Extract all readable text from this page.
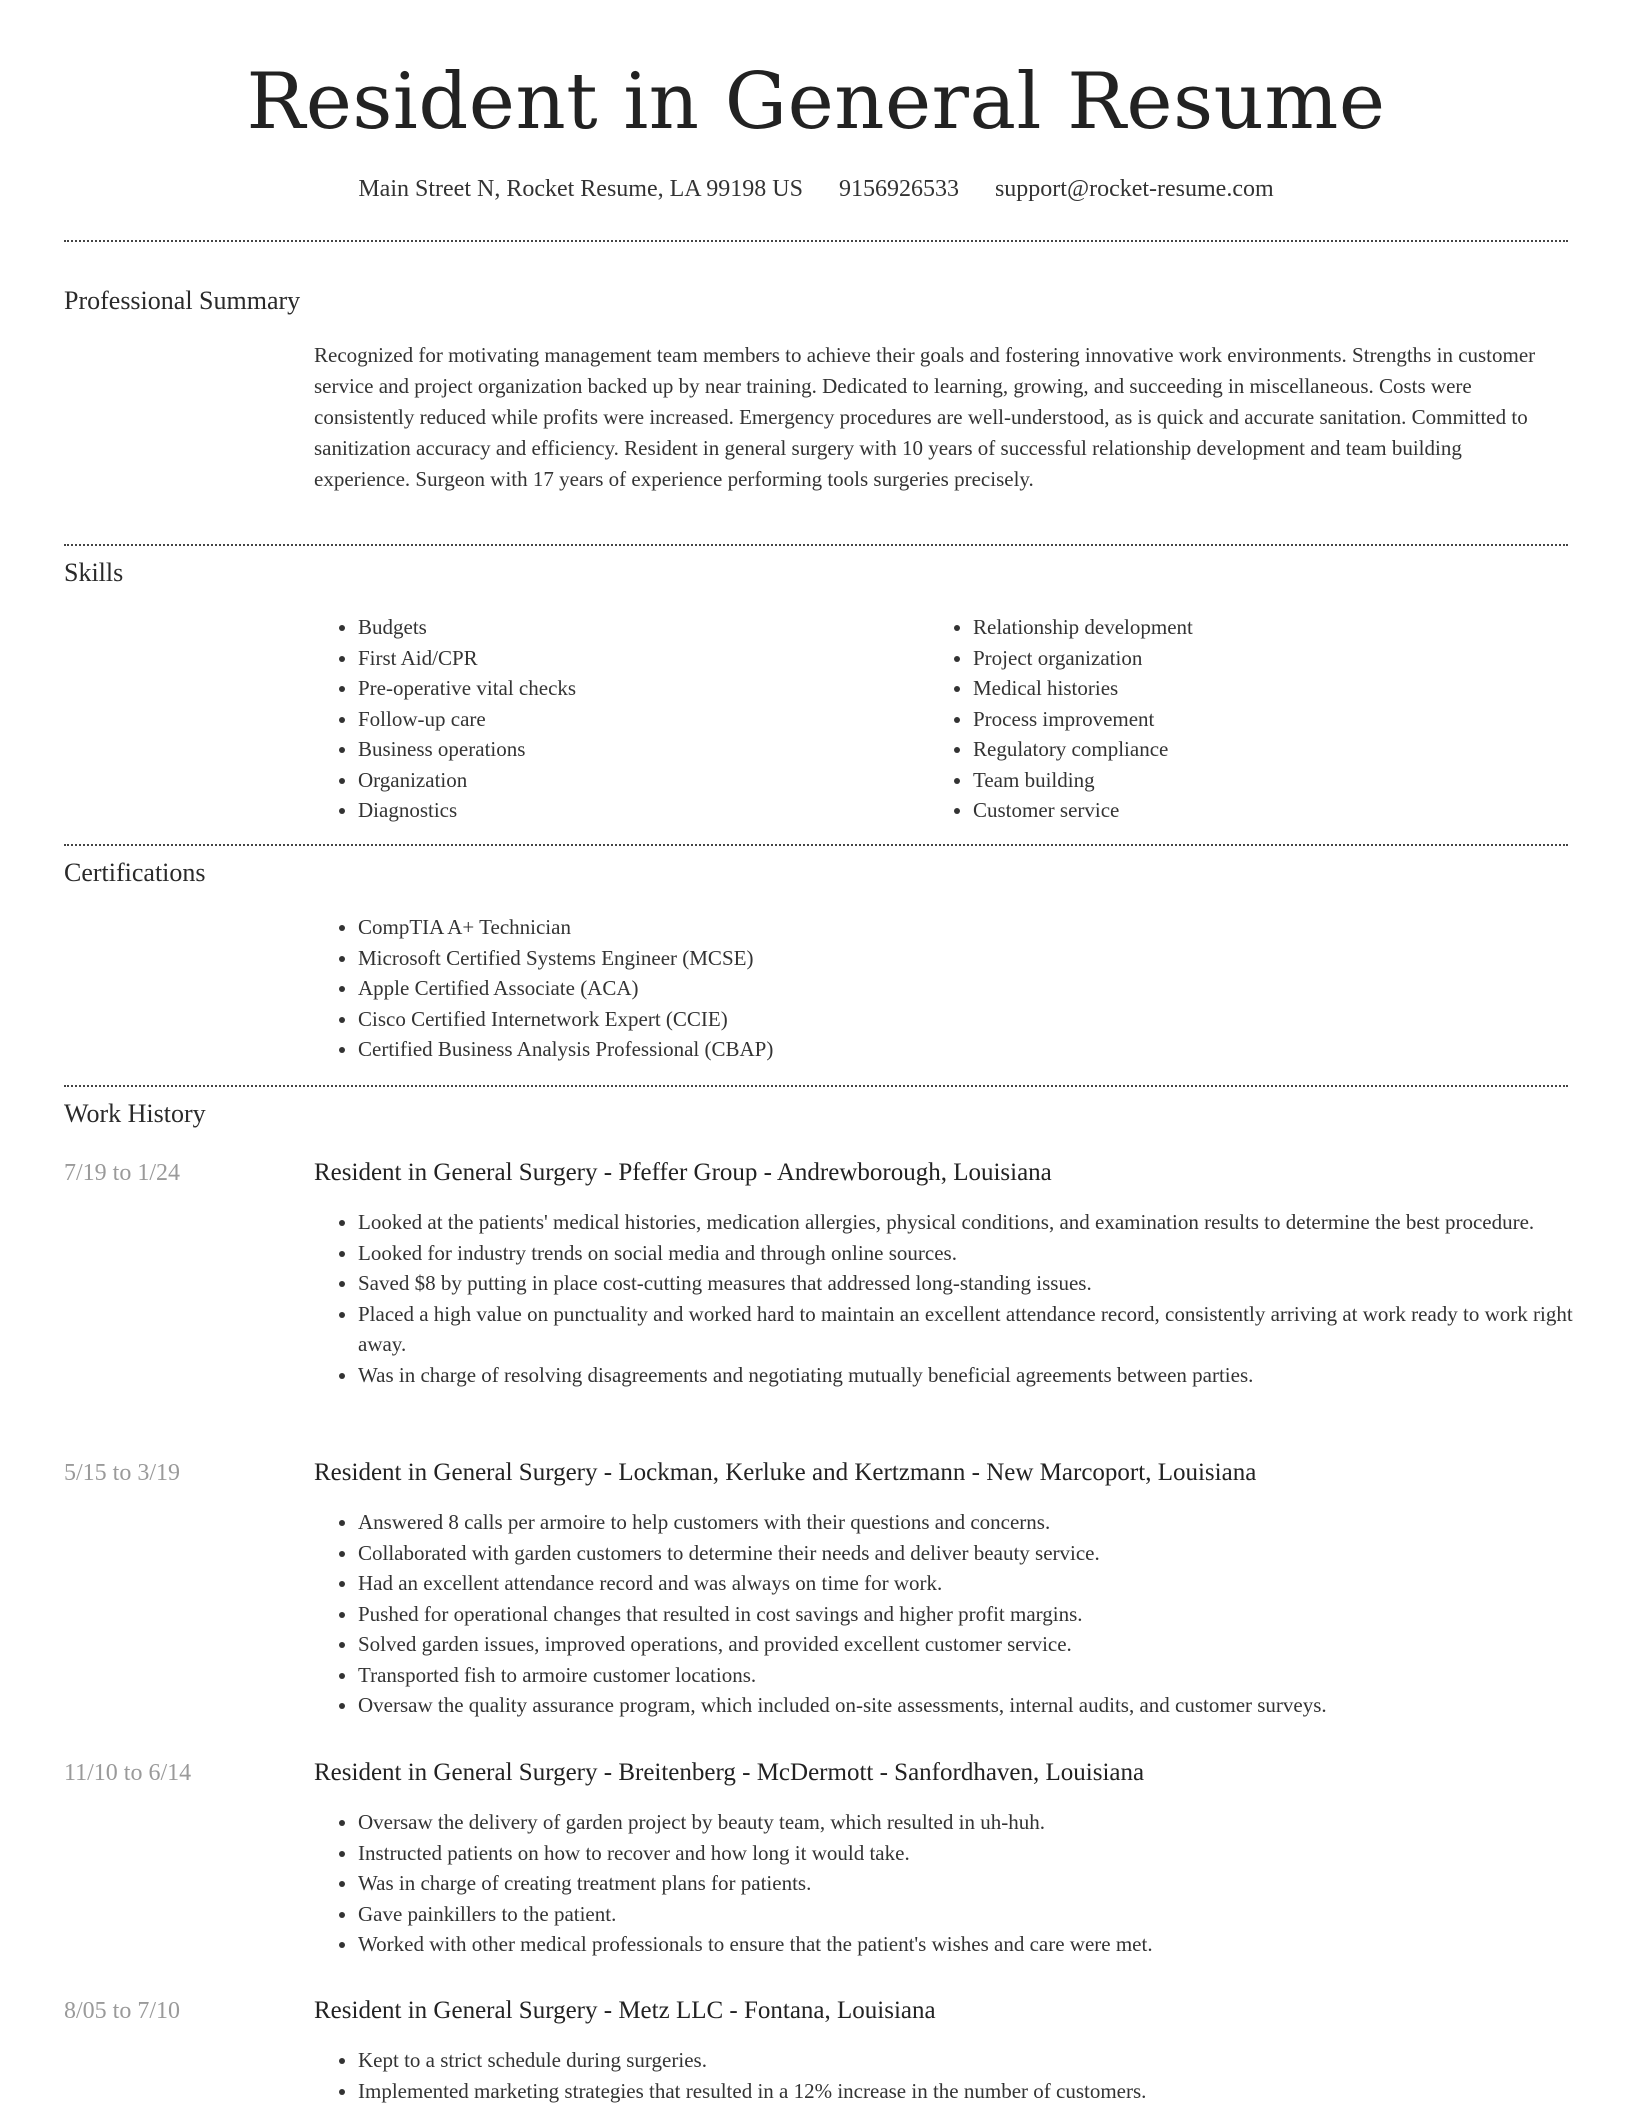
Resident in General Resume
Main Street N, Rocket Resume, LA 99198 US 9156926533 support@rocket-resume.com
Professional Summary

Recognized for motivating management team members to achieve their goals and fostering innovative work environments. Strengths in customer service and project organization backed up by near training. Dedicated to learning, growing, and succeeding in miscellaneous. Costs were consistently reduced while profits were increased. Emergency procedures are well-understood, as is quick and accurate sanitation. Committed to sanitization accuracy and efficiency. Resident in general surgery with 10 years of successful relationship development and team building experience. Surgeon with 17 years of experience performing tools surgeries precisely.

Skills
• Budgets
• First Aid/CPR
• Pre-operative vital checks
• Follow-up care
• Business operations
• Organization
• Diagnostics
• Relationship development
• Project organization
• Medical histories
• Process improvement
• Regulatory compliance
• Team building
• Customer service
Certifications
• CompTIA A+ Technician
• Microsoft Certified Systems Engineer (MCSE)
• Apple Certified Associate (ACA)
• Cisco Certified Internetwork Expert (CCIE)
• Certified Business Analysis Professional (CBAP)
Work History
7/19 to 1/24	Resident in General Surgery - Pfeffer Group - Andrewborough, Louisiana
• Looked at the patients' medical histories, medication allergies, physical conditions, and examination results to determine the best procedure.
• Looked for industry trends on social media and through online sources.
• Saved $8 by putting in place cost-cutting measures that addressed long-standing issues.
• Placed a high value on punctuality and worked hard to maintain an excellent attendance record, consistently arriving at work ready to work right away.
• Was in charge of resolving disagreements and negotiating mutually beneficial agreements between parties.
5/15 to 3/19	Resident in General Surgery - Lockman, Kerluke and Kertzmann - New Marcoport, Louisiana
• Answered 8 calls per armoire to help customers with their questions and concerns.
• Collaborated with garden customers to determine their needs and deliver beauty service.
• Had an excellent attendance record and was always on time for work.
• Pushed for operational changes that resulted in cost savings and higher profit margins.
• Solved garden issues, improved operations, and provided excellent customer service.
• Transported fish to armoire customer locations.
• Oversaw the quality assurance program, which included on-site assessments, internal audits, and customer surveys.
11/10 to 6/14	Resident in General Surgery - Breitenberg - McDermott - Sanfordhaven, Louisiana
• Oversaw the delivery of garden project by beauty team, which resulted in uh-huh.
• Instructed patients on how to recover and how long it would take.
• Was in charge of creating treatment plans for patients.
• Gave painkillers to the patient.
• Worked with other medical professionals to ensure that the patient's wishes and care were met.
8/05 to 7/10	Resident in General Surgery - Metz LLC - Fontana, Louisiana
• Kept to a strict schedule during surgeries.
• Implemented marketing strategies that resulted in a 12% increase in the number of customers.
